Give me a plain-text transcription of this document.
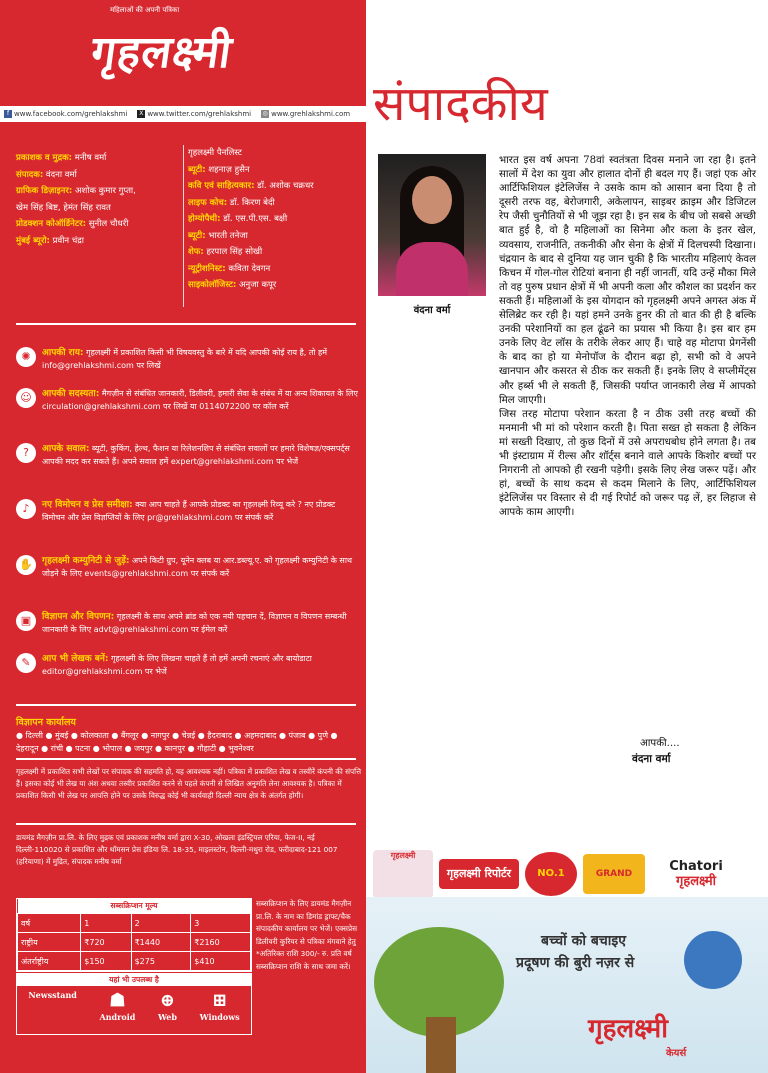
महिलाओं की अपनी पत्रिका
गृहलक्ष्मी
f www.facebook.com/grehlakshmi	X www.twitter.com/grehlakshmi ◎ www.grehlakshmi.com
प्रकाशक व मुद्रक: मनीष वर्मा
संपादक: वंदना वर्मा
ग्राफिक डिज़ाइनर: अशोक कुमार गुप्ता,
खेम सिंह बिष्ट, हेमंत सिंह रावत
प्रोडक्शन कोऑर्डिनेटर: सुनील चौधरी
मुंबई ब्यूरो: प्रवीन चंद्रा
गृहलक्ष्मी पैनलिस्ट
ब्यूटी: शहनाज़ हुसैन
कवि एवं साहित्यकार: डॉ. अशोक चक्रधर
लाइफ कोच: डॉ. किरण बेदी
होम्योपैथी: डॉ. एस.पी.एस. बक्षी
ब्यूटी: भारती तनेजा
शेफ: हरपाल सिंह सोखी
न्यूट्रीशनिस्ट: कविता देवगन
साइकोलॉजिस्ट: अनुजा कपूर
✺	आपकी राय: गृहलक्ष्मी में प्रकाशित किसी भी विषयवस्तु के बारे में यदि आपकी कोई राय है, तो हमें info@grehlakshmi.com पर लिखें
☺	आपकी सदस्यता: मैगज़ीन से संबंधित जानकारी, डिलीवरी, हमारी सेवा के संबंध में या अन्य शिकायत के लिए circulation@grehlakshmi.com पर लिखें या 0114072200 पर कॉल करें
?	आपके सवाल: ब्यूटी, कुकिंग, हेल्थ, फैशन या रिलेशनशिप से संबंधित सवालों पर हमारे विशेषज्ञ/एक्सपर्ट्स आपकी मदद कर सकते हैं। अपने सवाल हमें expert@grehlakshmi.com पर भेजें
♪	नए विमोचन व प्रेस समीक्षा: क्या आप चाहते हैं आपके प्रोडक्ट का गृहलक्ष्मी रिव्यू करे ? नए प्रोडक्ट विमोचन और प्रेस विज्ञप्तियों के लिए pr@grehlakshmi.com पर संपर्क करें
✋	गृहलक्ष्मी कम्युनिटी से जुड़ें: अपने किटी ग्रुप, यूनेन क्लब या आर.डब्ल्यू.ए. को गृहलक्ष्मी कम्युनिटी के साथ जोड़ने के लिए events@grehlakshmi.com पर संपर्क करें
▣	विज्ञापन और विपणन: गृहलक्ष्मी के साथ अपने ब्रांड को एक नयी पहचान दें, विज्ञापन व विपणन सम्बन्धी जानकारी के लिए advt@grehlakshmi.com पर ईमेल करें
✎	आप भी लेखक बनें: गृहलक्ष्मी के लिए लिखना चाहते हैं तो हमें अपनी रचनाएं और बायोडाटा editor@grehlakshmi.com पर भेजें
विज्ञापन कार्यालय
● दिल्ली ● मुंबई ● कोलकाता ● बैंगलूर ● नागपुर ● चेन्नई ● हैदराबाद ● अहमदाबाद ● पंजाब ● पुणे ● देहरादून ● रांची ● पटना ● भोपाल ● जयपुर ● कानपुर ● गौहाटी ● भुवनेश्वर
गृहलक्ष्मी में प्रकाशित सभी लेखों पर संपादक की सहमति हो, यह आवश्यक नहीं। पत्रिका में प्रकाशित लेख व तस्वीरें कंपनी की संपत्ति हैं। इसका कोई भी लेख या अंश अथवा तस्वीर प्रकाशित करने से पहले कंपनी से लिखित अनुमति लेना आवश्यक है। पत्रिका में प्रकाशित किसी भी लेख पर आपत्ति होने पर उसके विरुद्ध कोई भी कार्यवाही दिल्ली न्याय क्षेत्र के अंतर्गत होगी।
डायमंड मैगज़ीन प्रा.लि. के लिए मुद्रक एवं प्रकाशक मनीष वर्मा द्वारा X-30, ओखला इंडस्ट्रियल एरिया, फेज-II, नई दिल्ली-110020 से प्रकाशित और थॉमसन प्रेस इंडिया लि. 18-35, माइलस्टोन, दिल्ली-मथुरा रोड, फरीदाबाद-121 007 (हरियाणा) में मुद्रित, संपादक मनीष वर्मा
सब्सक्रिप्शन मूल्य			
वर्ष	1	2	3
राष्ट्रीय	₹720	₹1440	₹2160
अंतर्राष्ट्रीय	$150	$275	$410
यहां भी उपलब्ध है
Newsstand	☗
Android
⊕
Web
⊞
Windows
सब्सक्रिप्शन के लिए डायमंड मैगज़ीन प्रा.लि. के नाम का डिमांड ड्राफ्ट/चैक संपादकीय कार्यालय पर भेजें। एक्सप्रेस डिलीवरी कुरियर से पत्रिका मंगवाने हेतु *अतिरिक्त राशि 300/- रु. प्रति वर्ष सब्सक्रिप्शन राशि के साथ जमा करें।
संपादकीय
वंदना वर्मा

भारत इस वर्ष अपना 78वां स्वतंत्रता दिवस मनाने जा रहा है। इतने सालों में देश का युवा और हालात दोनों ही बदल गए हैं। जहां एक ओर आर्टिफिशियल इंटेलिजेंस ने उसके काम को आसान बना दिया है तो दूसरी तरफ वह, बेरोजगारी, अकेलापन, साइबर क्राइम और डिजिटल रेप जैसी चुनौतियों से भी जूझ रहा है। इन सब के बीच जो सबसे अच्छी बात हुई है, वो है महिलाओं का सिनेमा और कला के इतर खेल, व्यवसाय, राजनीति, तकनीकी और सेना के क्षेत्रों में दिलचस्पी दिखाना। चंद्रयान के बाद से दुनिया यह जान चुकी है कि भारतीय महिलाएं केवल किचन में गोल-गोल रोटियां बनाना ही नहीं जानतीं, यदि उन्हें मौका मिले तो वह पुरुष प्रधान क्षेत्रों में भी अपनी कला और कौशल का प्रदर्शन कर सकती हैं। महिलाओं के इस योगदान को गृहलक्ष्मी अपने अगस्त अंक में सेलिब्रेट कर रही है। यहां हमने उनके हुनर की तो बात की ही है बल्कि उनकी परेशानियों का हल ढूंढने का प्रयास भी किया है। इस बार हम उनके लिए वेट लॉस के तरीके लेकर आए हैं। चाहे वह मोटापा प्रेगनेंसी के बाद का हो या मेनोपॉज के दौरान बढ़ा हो, सभी को वे अपने खानपान और कसरत से ठीक कर सकती हैं। इनके लिए वे सप्लीमेंट्स और हर्ब्स भी ले सकती हैं, जिसकी पर्याप्त जानकारी लेख में आपको मिल जाएगी।

जिस तरह मोटापा परेशान करता है न ठीक उसी तरह बच्चों की मनमानी भी मां को परेशान करती है। पिता सख्त हो सकता है लेकिन मां सख्ती दिखाए, तो कुछ दिनों में उसे अपराधबोध होने लगता है। तब भी इंस्टाग्राम में रील्स और शॉर्ट्स बनाने वाले आपके किशोर बच्चों पर निगरानी तो आपको ही रखनी पड़ेगी। इसके लिए लेख जरूर पढ़ें। और हां, बच्चों के साथ कदम से कदम मिलाने के लिए, आर्टिफिशियल इंटेलिजेंस पर विस्तार से दी गई रिपोर्ट को जरूर पढ़ लें, हर लिहाज से आपके काम आएगी।

आपकी....
वंदना वर्मा
गृहलक्ष्मी
गृहलक्ष्मी रिपोर्टर	NO.1	GRAND	Chatori
गृहलक्ष्मी
बच्चों को बचाइए
प्रदूषण की बुरी नज़र से
गृहलक्ष्मी
केयर्स
